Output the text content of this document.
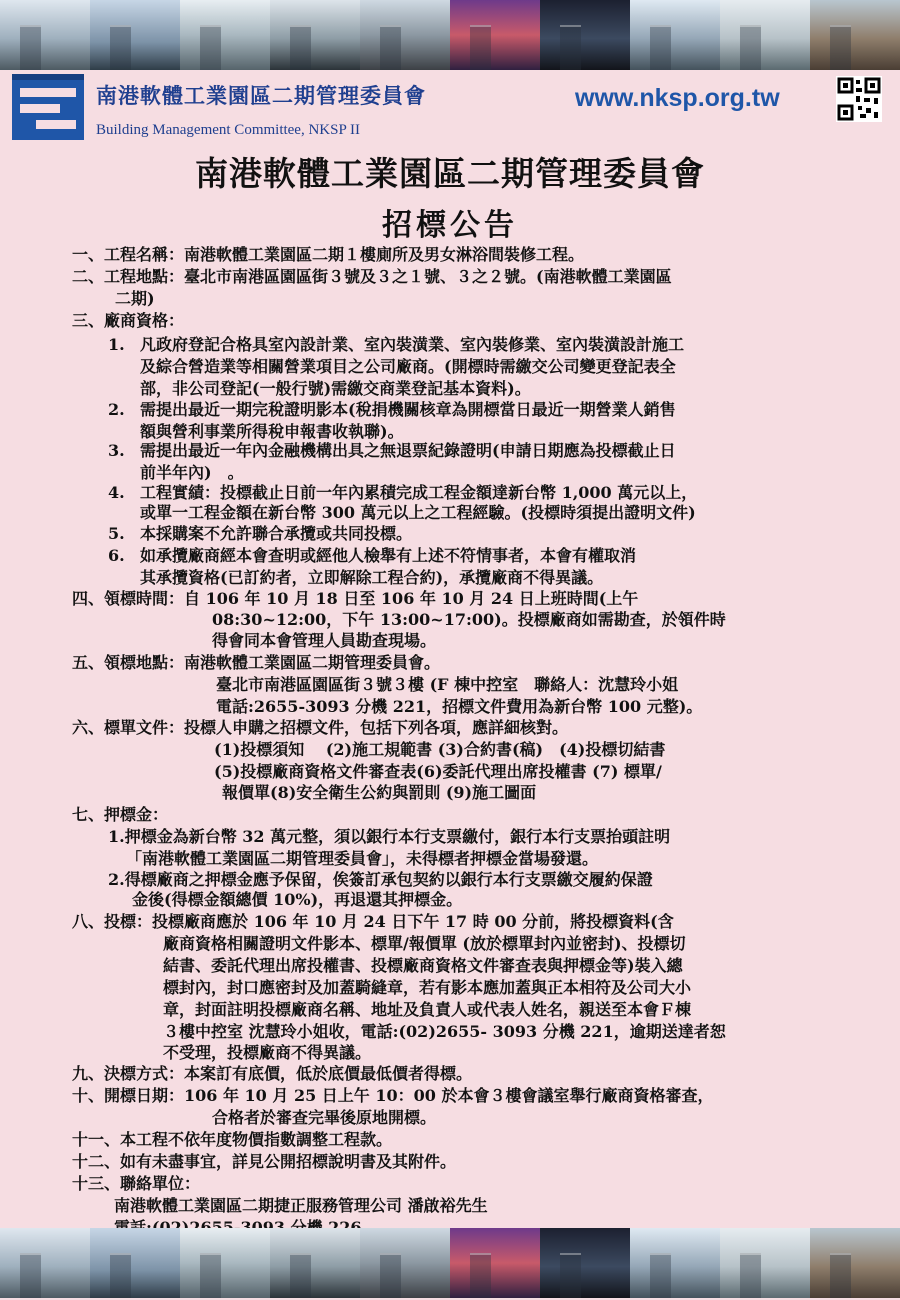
南港軟體工業園區二期管理委員會
Building Management Committee, NKSP II
www.nksp.org.tw
南港軟體工業園區二期管理委員會
招標公告
一、工程名稱：南港軟體工業園區二期１樓廁所及男女淋浴間裝修工程。
二、工程地點：臺北市南港區園區街３號及３之１號、３之２號。(南港軟體工業園區
二期)
三、廠商資格：
1. 凡政府登記合格具室內設計業、室內裝潢業、室內裝修業、室內裝潢設計施工
及綜合營造業等相關營業項目之公司廠商。(開標時需繳交公司變更登記表全
部，非公司登記(一般行號)需繳交商業登記基本資料)。
2. 需提出最近一期完稅證明影本(稅捐機關核章為開標當日最近一期營業人銷售
額與營利事業所得稅申報書收執聯)。
3. 需提出最近一年內金融機構出具之無退票紀錄證明(申請日期應為投標截止日
前半年內)　。
4. 工程實績：投標截止日前一年內累積完成工程金額達新台幣 1,000 萬元以上，
或單一工程金額在新台幣 300 萬元以上之工程經驗。(投標時須提出證明文件)
5. 本採購案不允許聯合承攬或共同投標。
6. 如承攬廠商經本會查明或經他人檢舉有上述不符情事者，本會有權取消
其承攬資格(已訂約者，立即解除工程合約)，承攬廠商不得異議。
四、領標時間：自 106 年 10 月 18 日至 106 年 10 月 24 日上班時間(上午
08:30~12:00，下午 13:00~17:00)。投標廠商如需勘查，於領件時
得會同本會管理人員勘查現場。
五、領標地點：南港軟體工業園區二期管理委員會。
臺北市南港區園區街３號３樓 (F 棟中控室　聯絡人：沈慧玲小姐
電話:2655-3093 分機 221，招標文件費用為新台幣 100 元整)。
六、標單文件：投標人申購之招標文件，包括下列各項，應詳細核對。
(1)投標須知　 (2)施工規範書 (3)合約書(稿)　(4)投標切結書
(5)投標廠商資格文件審查表(6)委託代理出席投權書 (7) 標單/
報價單(8)安全衛生公約與罰則 (9)施工圖面
七、押標金：
1.押標金為新台幣 32 萬元整，須以銀行本行支票繳付，銀行本行支票抬頭註明
「南港軟體工業園區二期管理委員會」，未得標者押標金當場發還。
2.得標廠商之押標金應予保留，俟簽訂承包契約以銀行本行支票繳交履約保證
金後(得標金額總價 10%)，再退還其押標金。
八、投標：投標廠商應於 106 年 10 月 24 日下午 17 時 00 分前，將投標資料(含
廠商資格相關證明文件影本、標單/報價單 (放於標單封內並密封)、投標切
結書、委託代理出席投權書、投標廠商資格文件審查表與押標金等)裝入總
標封內，封口應密封及加蓋騎縫章，若有影本應加蓋與正本相符及公司大小
章，封面註明投標廠商名稱、地址及負責人或代表人姓名，親送至本會Ｆ棟
３樓中控室 沈慧玲小姐收，電話:(02)2655- 3093 分機 221，逾期送達者恕
不受理，投標廠商不得異議。
九、決標方式：本案訂有底價，低於底價最低價者得標。
十、開標日期：106 年 10 月 25 日上午 10：00 於本會３樓會議室舉行廠商資格審查，
合格者於審查完畢後原地開標。
十一、本工程不依年度物價指數調整工程款。
十二、如有未盡事宜，詳見公開招標說明書及其附件。
十三、聯絡單位：
南港軟體工業園區二期捷正服務管理公司 潘啟裕先生
